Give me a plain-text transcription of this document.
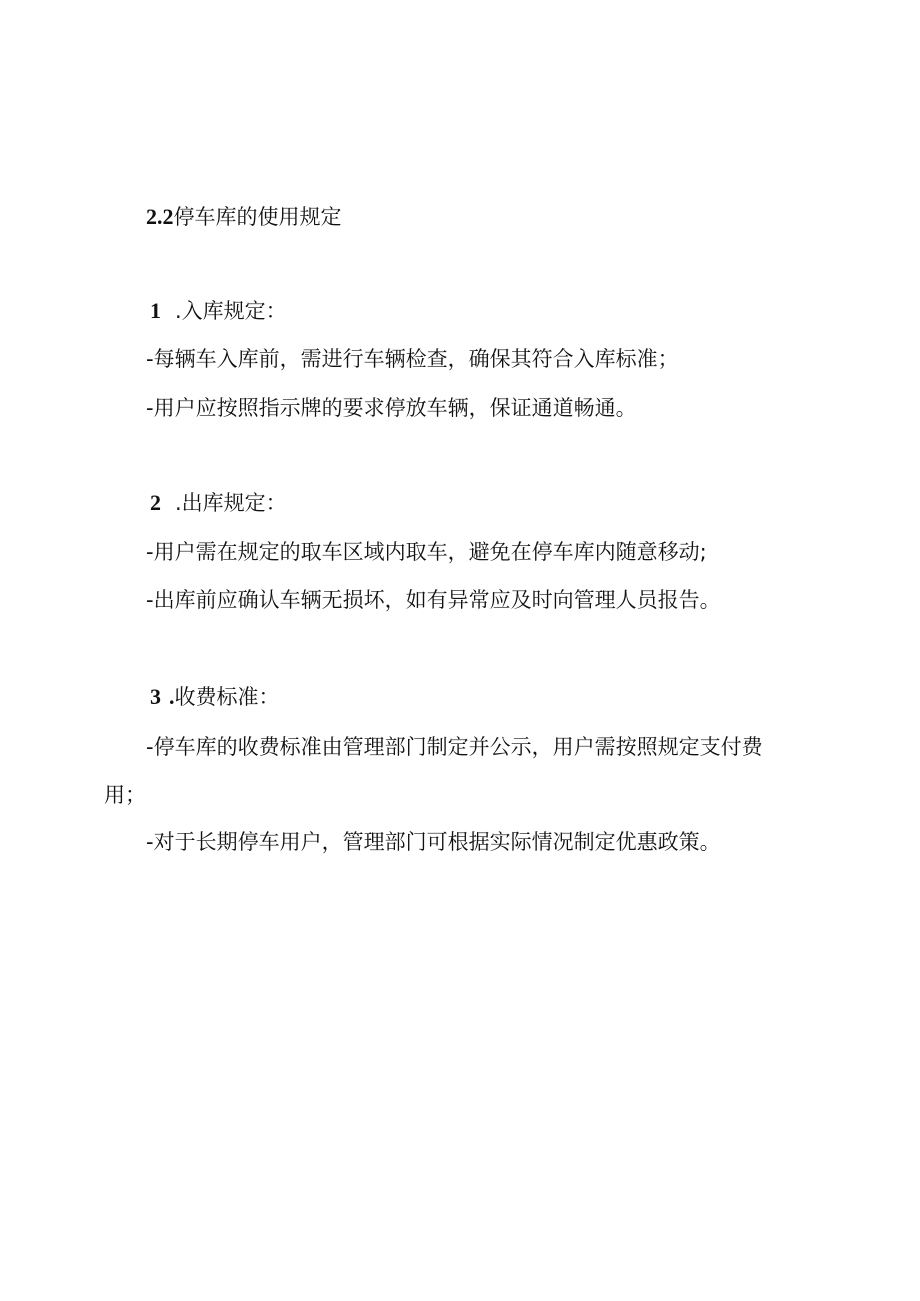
2.2停车库的使用规定
1 .入库规定：
-每辆车入库前，需进行车辆检查，确保其符合入库标准；
-用户应按照指示牌的要求停放车辆，保证通道畅通。
2 .出库规定：
-用户需在规定的取车区域内取车，避免在停车库内随意移动;
-出库前应确认车辆无损坏，如有异常应及时向管理人员报告。
3 .收费标准：
-停车库的收费标准由管理部门制定并公示，用户需按照规定支付费
用；
-对于长期停车用户，管理部门可根据实际情况制定优惠政策。
